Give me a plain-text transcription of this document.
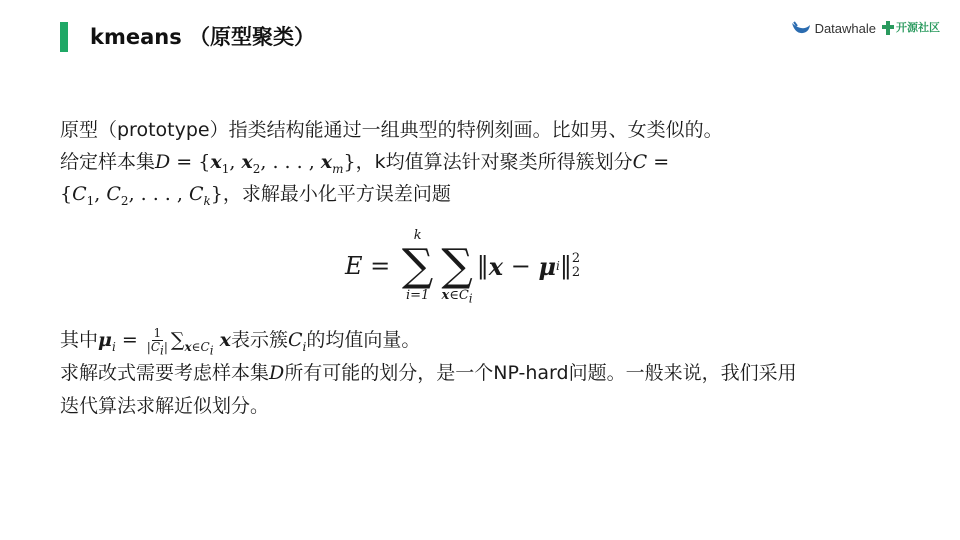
kmeans （原型聚类）	Datawhale 开源社区
原型（prototype）指类结构能通过一组典型的特例刻画。比如男、女类似的。
给定样本集$D = \{x_1$, $x_2$, . . . , $x_m$}，k均值算法针对聚类所得簇划分C =
{$C_1$, $C_2$, . . . , $C_k$}，求解最小化平方误差问题
E
=

k
∑
i=1

∑
$x\in C_i$
‖ x
−
μ i ‖ 2
2
其中$\mu_i = \frac{1}{|C_i|} \sum_{x\in C_i}$ x表示簇$C_i$的均值向量。
求解改式需要考虑样本集D所有可能的划分，是一个NP-hard问题。一般来说，我们采用
迭代算法求解近似划分。
